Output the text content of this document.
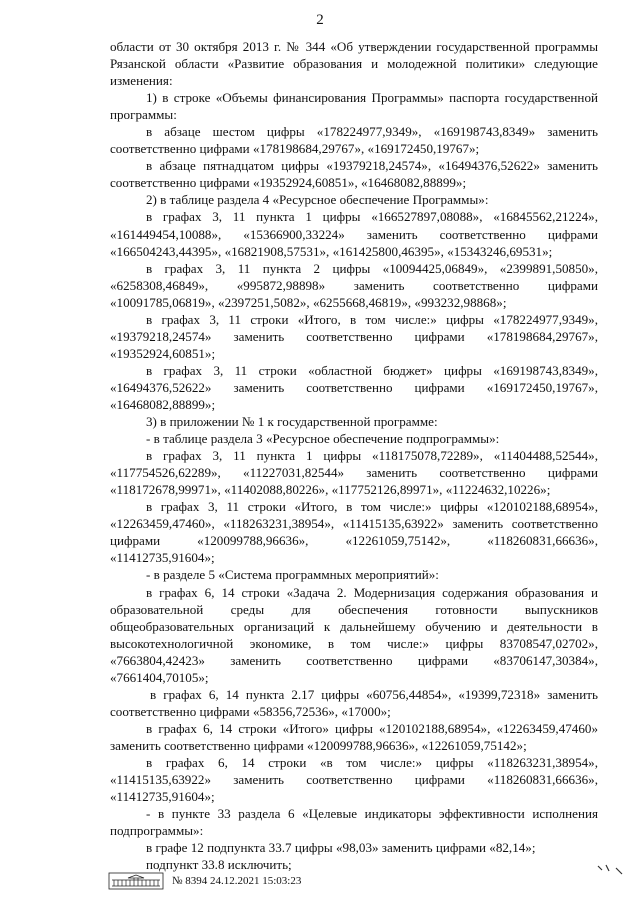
2

области от 30 октября 2013 г. № 344 «Об утверждении государственной программы Рязанской области «Развитие образования и молодежной политики» следующие изменения:

1) в строке «Объемы финансирования Программы» паспорта государственной программы:

в абзаце шестом цифры «178224977,9349», «169198743,8349» заменить соответственно цифрами «178198684,29767», «169172450,19767»;

в абзаце пятнадцатом цифры «19379218,24574», «16494376,52622» заменить соответственно цифрами «19352924,60851», «16468082,88899»;

2) в таблице раздела 4 «Ресурсное обеспечение Программы»:

в графах 3, 11 пункта 1 цифры «166527897,08088», «16845562,21224», «161449454,10088», «15366900,33224» заменить соответственно цифрами «166504243,44395», «16821908,57531», «161425800,46395», «15343246,69531»;

в графах 3, 11 пункта 2 цифры «10094425,06849», «2399891,50850», «6258308,46849», «995872,98898» заменить соответственно цифрами «10091785,06819», «2397251,5082», «6255668,46819», «993232,98868»;

в графах 3, 11 строки «Итого, в том числе:» цифры «178224977,9349», «19379218,24574» заменить соответственно цифрами «178198684,29767», «19352924,60851»;

в графах 3, 11 строки «областной бюджет» цифры «169198743,8349», «16494376,52622» заменить соответственно цифрами «169172450,19767», «16468082,88899»;

3) в приложении № 1 к государственной программе:

- в таблице раздела 3 «Ресурсное обеспечение подпрограммы»:

в графах 3, 11 пункта 1 цифры «118175078,72289», «11404488,52544», «117754526,62289», «11227031,82544» заменить соответственно цифрами «118172678,99971», «11402088,80226», «117752126,89971», «11224632,10226»;

в графах 3, 11 строки «Итого, в том числе:» цифры «120102188,68954», «12263459,47460», «118263231,38954», «11415135,63922» заменить соответственно цифрами «120099788,96636», «12261059,75142», «118260831,66636», «11412735,91604»;

- в разделе 5 «Система программных мероприятий»:

в графах 6, 14 строки «Задача 2. Модернизация содержания образования и образовательной среды для обеспечения готовности выпускников общеобразовательных организаций к дальнейшему обучению и деятельности в высокотехнологичной экономике, в том числе:» цифры 83708547,02702», «7663804,42423» заменить соответственно цифрами «83706147,30384», «7661404,70105»;

в графах 6, 14 пункта 2.17 цифры «60756,44854», «19399,72318» заменить соответственно цифрами «58356,72536», «17000»;

в графах 6, 14 строки «Итого» цифры «120102188,68954», «12263459,47460» заменить соответственно цифрами «120099788,96636», «12261059,75142»;

в графах 6, 14 строки «в том числе:» цифры «118263231,38954», «11415135,63922» заменить соответственно цифрами «118260831,66636», «11412735,91604»;

- в пункте 33 раздела 6 «Целевые индикаторы эффективности исполнения подпрограммы»:

в графе 12 подпункта 33.7 цифры «98,03» заменить цифрами «82,14»;

подпункт 33.8 исключить;

№ 8394 24.12.2021 15:03:23
